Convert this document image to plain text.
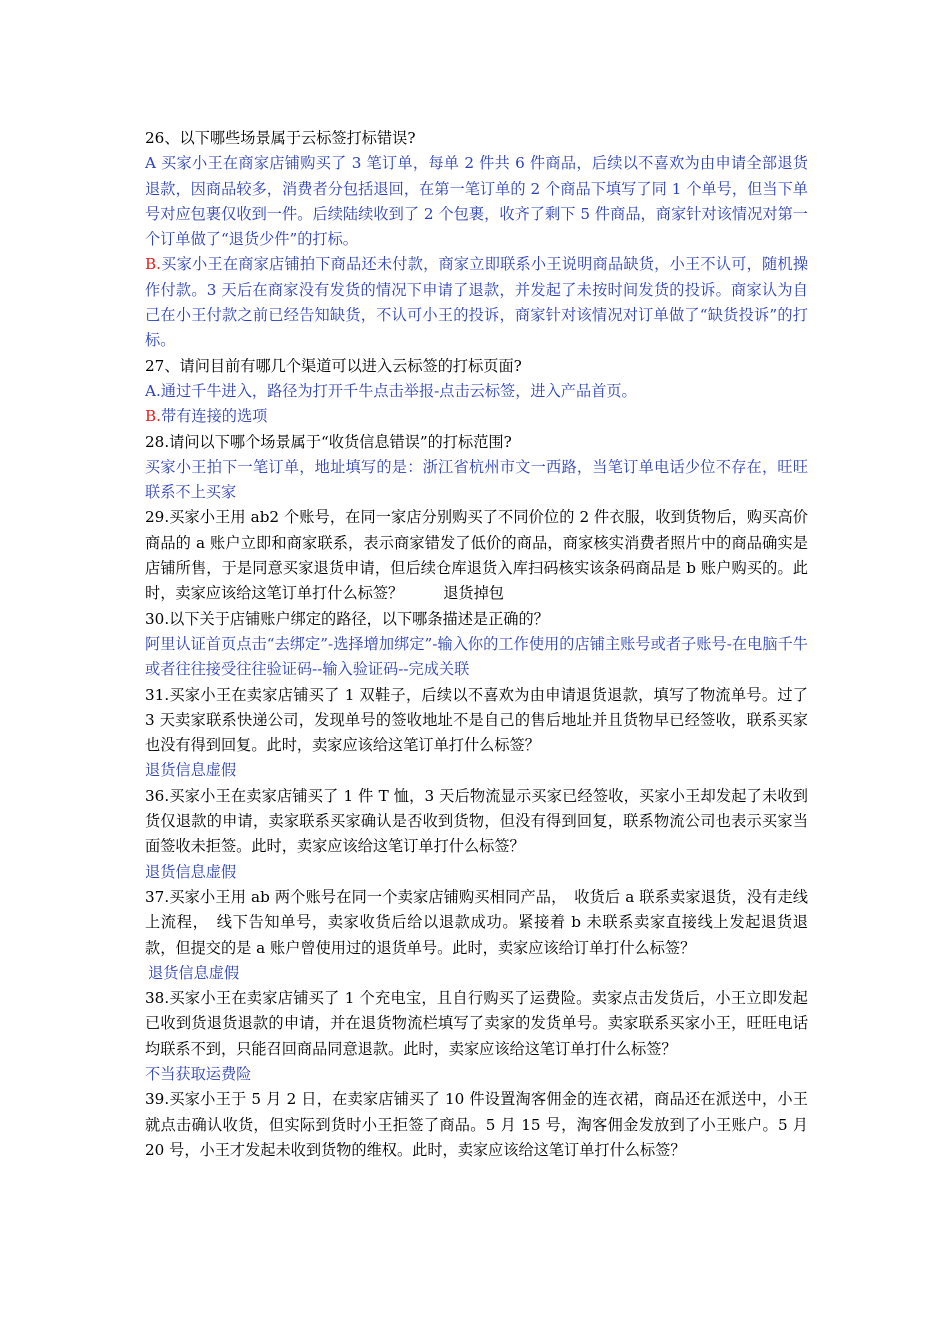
26、以下哪些场景属于云标签打标错误?

A 买家小王在商家店铺购买了 3 笔订单，每单 2 件共 6 件商品，后续以不喜欢为由申请全部退货退款，因商品较多，消费者分包括退回，在第一笔订单的 2 个商品下填写了同 1 个单号，但当下单号对应包裹仅收到一件。后续陆续收到了 2 个包裹，收齐了剩下 5 件商品，商家针对该情况对第一个订单做了“退货少件”的打标。

B.买家小王在商家店铺拍下商品还未付款，商家立即联系小王说明商品缺货，小王不认可，随机操作付款。3 天后在商家没有发货的情况下申请了退款，并发起了未按时间发货的投诉。商家认为自己在小王付款之前已经告知缺货，不认可小王的投诉，商家针对该情况对订单做了“缺货投诉”的打标。

27、请问目前有哪几个渠道可以进入云标签的打标页面?

A.通过千牛进入，路径为打开千牛点击举报-点击云标签，进入产品首页。

B.带有连接的选项

28.请问以下哪个场景属于“收货信息错误”的打标范围?

买家小王拍下一笔订单，地址填写的是：浙江省杭州市文一西路，当笔订单电话少位不存在，旺旺联系不上买家

29.买家小王用 ab2 个账号，在同一家店分别购买了不同价位的 2 件衣服，收到货物后，购买高价商品的 a 账户立即和商家联系，表示商家错发了低价的商品，商家核实消费者照片中的商品确实是店铺所售，于是同意买家退货申请，但后续仓库退货入库扫码核实该条码商品是 b 账户购买的。此时，卖家应该给这笔订单打什么标签？	退货掉包

30.以下关于店铺账户绑定的路径，以下哪条描述是正确的？

阿里认证首页点击“去绑定”-选择增加绑定”-输入你的工作使用的店铺主账号或者子账号-在电脑千牛或者往往接受往往验证码--输入验证码--完成关联

31.买家小王在卖家店铺买了 1 双鞋子，后续以不喜欢为由申请退货退款，填写了物流单号。过了 3 天卖家联系快递公司，发现单号的签收地址不是自己的售后地址并且货物早已经签收，联系买家也没有得到回复。此时，卖家应该给这笔订单打什么标签？

退货信息虚假

36.买家小王在卖家店铺买了 1 件 T 恤，3 天后物流显示买家已经签收，买家小王却发起了未收到货仅退款的申请，卖家联系买家确认是否收到货物，但没有得到回复，联系物流公司也表示买家当面签收未拒签。此时，卖家应该给这笔订单打什么标签？

退货信息虚假

37.买家小王用 ab 两个账号在同一个卖家店铺购买相同产品，　收货后 a 联系卖家退货，没有走线上流程，　线下告知单号，卖家收货后给以退款成功。紧接着 b 未联系卖家直接线上发起退货退款，但提交的是 a 账户曾使用过的退货单号。此时，卖家应该给订单打什么标签？

退货信息虚假

38.买家小王在卖家店铺买了 1 个充电宝，且自行购买了运费险。卖家点击发货后，小王立即发起已收到货退货退款的申请，并在退货物流栏填写了卖家的发货单号。卖家联系买家小王，旺旺电话均联系不到，只能召回商品同意退款。此时，卖家应该给这笔订单打什么标签？

不当获取运费险

39.买家小王于 5 月 2 日，在卖家店铺买了 10 件设置淘客佣金的连衣裙，商品还在派送中，小王就点击确认收货，但实际到货时小王拒签了商品。5 月 15 号，淘客佣金发放到了小王账户。5 月 20 号，小王才发起未收到货物的维权。此时，卖家应该给这笔订单打什么标签？
